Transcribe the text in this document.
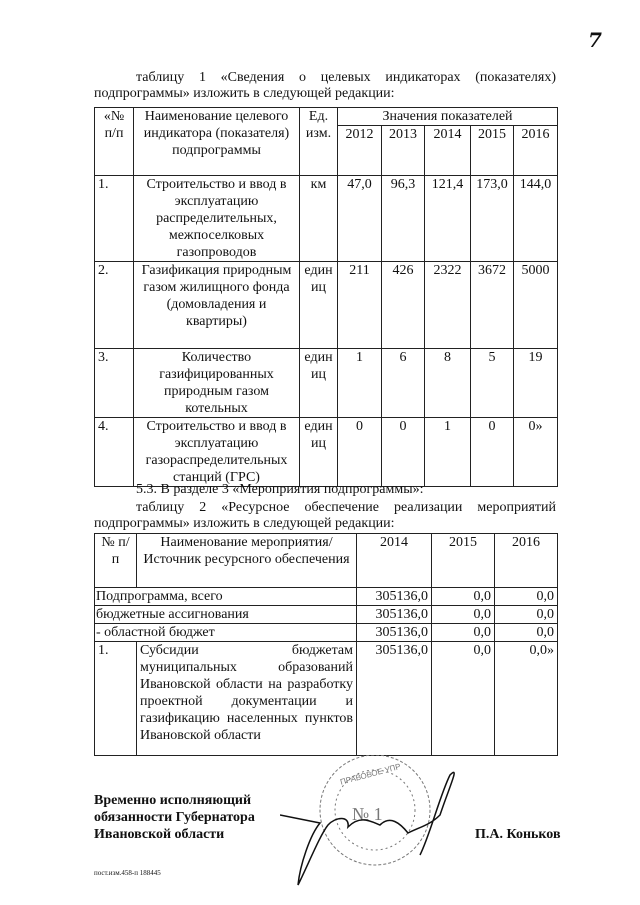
7
таблицу 1 «Сведения о целевых индикаторах (показателях)
подпрограммы» изложить в следующей редакции:
«№ п/п	Наименование целевого индикатора (показателя) подпрограммы	Ед. изм.	Значения показателей				
			2012	2013	2014	2015	2016
1.	Строительство и ввод в эксплуатацию распределительных, межпоселковых газопроводов	км	47,0	96,3	121,4	173,0	144,0
2.	Газификация природным газом жилищного фонда (домовладения и квартиры)	единиц	211	426	2322	3672	5000
3.	Количество газифицированных природным газом котельных	единиц	1	6	8	5	19
4.	Строительство и ввод в эксплуатацию газораспределительных станций (ГРС)	единиц	0	0	1	0	0»
5.3. В разделе 3 «Мероприятия подпрограммы»:
таблицу 2 «Ресурсное обеспечение реализации мероприятий
подпрограммы» изложить в следующей редакции:
№ п/п	Наименование мероприятия/Источник ресурсного обеспечения	2014	2015	2016
Подпрограмма, всего		305136,0	0,0	0,0
бюджетные ассигнования		305136,0	0,0	0,0
- областной бюджет		305136,0	0,0	0,0
1.	Субсидии бюджетам муниципальных образований Ивановской области на разработку проектной документации и газификацию населенных пунктов Ивановской области	305136,0	0,0	0,0»
Временно исполняющий
обязанности Губернатора
Ивановской области
№ 1
ПРАВОВОЕ УПР
П.А. Коньков
пост.изм.458-п 188445
